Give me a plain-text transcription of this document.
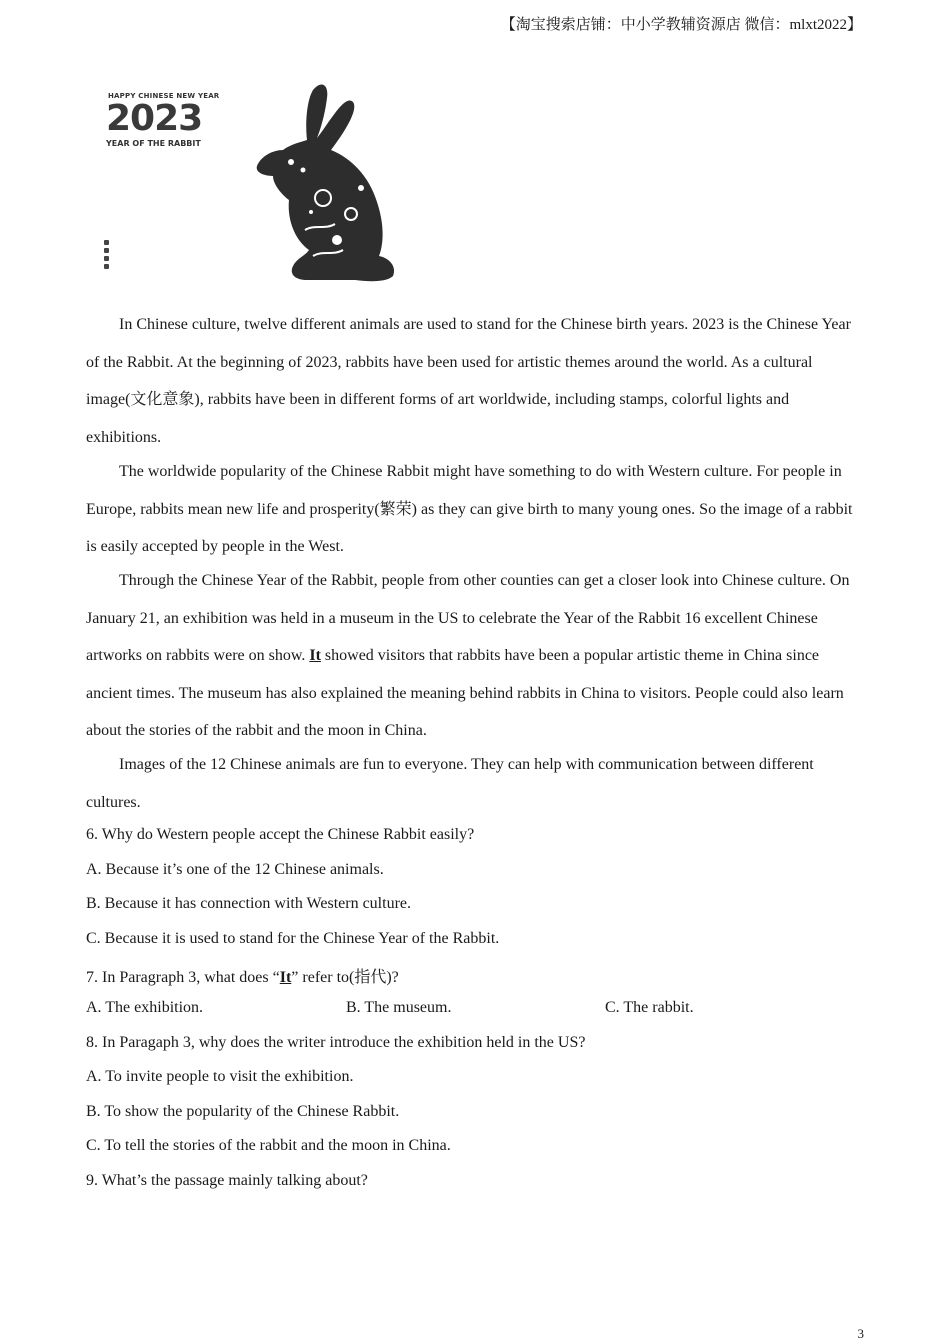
【淘宝搜索店铺：中小学教辅资源店 微信：mlxt2022】
HAPPY CHINESE NEW YEAR
2023
YEAR OF THE RABBIT

In Chinese culture, twelve different animals are used to stand for the Chinese birth years. 2023 is the Chinese Year of the Rabbit. At the beginning of 2023, rabbits have been used for artistic themes around the world. As a cultural image(文化意象), rabbits have been in different forms of art worldwide, including stamps, colorful lights and exhibitions.

The worldwide popularity of the Chinese Rabbit might have something to do with Western culture. For people in Europe, rabbits mean new life and prosperity(繁荣) as they can give birth to many young ones. So the image of a rabbit is easily accepted by people in the West.

Through the Chinese Year of the Rabbit, people from other counties can get a closer look into Chinese culture. On January 21, an exhibition was held in a museum in the US to celebrate the Year of the Rabbit 16 excellent Chinese artworks on rabbits were on show. It showed visitors that rabbits have been a popular artistic theme in China since ancient times. The museum has also explained the meaning behind rabbits in China to visitors. People could also learn about the stories of the rabbit and the moon in China.

Images of the 12 Chinese animals are fun to everyone. They can help with communication between different cultures.

6. Why do Western people accept the Chinese Rabbit easily?
A. Because it’s one of the 12 Chinese animals.
B. Because it has connection with Western culture.
C. Because it is used to stand for the Chinese Year of the Rabbit.
7. In Paragraph 3, what does “It” refer to(指代)?
A. The exhibition.	B. The museum.	C. The rabbit.
8. In Paragaph 3, why does the writer introduce the exhibition held in the US?
A. To invite people to visit the exhibition.
B. To show the popularity of the Chinese Rabbit.
C. To tell the stories of the rabbit and the moon in China.
9. What’s the passage mainly talking about?
3
